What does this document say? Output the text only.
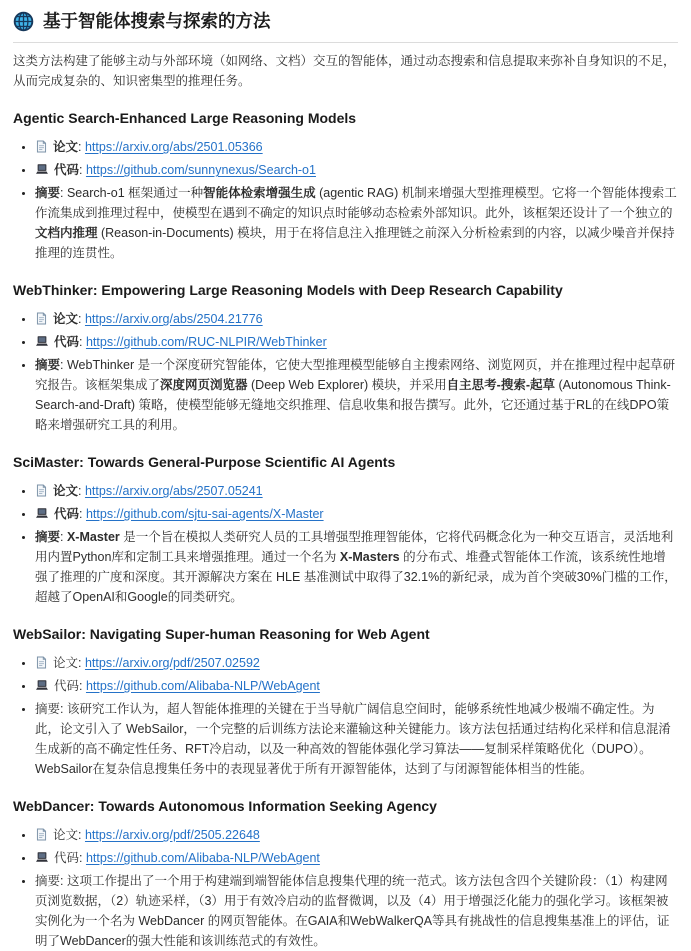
基于智能体搜索与探索的方法

这类方法构建了能够主动与外部环境（如网络、文档）交互的智能体，通过动态搜索和信息提取来弥补自身知识的不足，从而完成复杂的、知识密集型的推理任务。

Agentic Search-Enhanced Large Reasoning Models
• 论文: https://arxiv.org/abs/2501.05366
• 代码: https://github.com/sunnynexus/Search-o1
• 摘要: Search-o1 框架通过一种智能体检索增强生成 (agentic RAG) 机制来增强大型推理模型。它将一个智能体搜索工作流集成到推理过程中，使模型在遇到不确定的知识点时能够动态检索外部知识。此外，该框架还设计了一个独立的文档内推理 (Reason-in-Documents) 模块，用于在将信息注入推理链之前深入分析检索到的内容，以减少噪音并保持推理的连贯性。
WebThinker: Empowering Large Reasoning Models with Deep Research Capability
• 论文: https://arxiv.org/abs/2504.21776
• 代码: https://github.com/RUC-NLPIR/WebThinker
• 摘要: WebThinker 是一个深度研究智能体，它使大型推理模型能够自主搜索网络、浏览网页，并在推理过程中起草研究报告。该框架集成了深度网页浏览器 (Deep Web Explorer) 模块，并采用自主思考-搜索-起草 (Autonomous Think-Search-and-Draft) 策略，使模型能够无缝地交织推理、信息收集和报告撰写。此外，它还通过基于RL的在线DPO策略来增强研究工具的利用。
SciMaster: Towards General-Purpose Scientific AI Agents
• 论文: https://arxiv.org/abs/2507.05241
• 代码: https://github.com/sjtu-sai-agents/X-Master
• 摘要: X-Master 是一个旨在模拟人类研究人员的工具增强型推理智能体，它将代码概念化为一种交互语言，灵活地利用内置Python库和定制工具来增强推理。通过一个名为 X-Masters 的分布式、堆叠式智能体工作流，该系统性地增强了推理的广度和深度。其开源解决方案在 HLE 基准测试中取得了32.1%的新纪录，成为首个突破30%门槛的工作，超越了OpenAI和Google的同类研究。
WebSailor: Navigating Super-human Reasoning for Web Agent
• 论文: https://arxiv.org/pdf/2507.02592
• 代码: https://github.com/Alibaba-NLP/WebAgent
• 摘要: 该研究工作认为，超人智能体推理的关键在于当导航广阔信息空间时，能够系统性地减少极端不确定性。为此，论文引入了 WebSailor，一个完整的后训练方法论来灌输这种关键能力。该方法包括通过结构化采样和信息混淆生成新的高不确定性任务、RFT冷启动，以及一种高效的智能体强化学习算法——复制采样策略优化（DUPO）。WebSailor在复杂信息搜集任务中的表现显著优于所有开源智能体，达到了与闭源智能体相当的性能。
WebDancer: Towards Autonomous Information Seeking Agency
• 论文: https://arxiv.org/pdf/2505.22648
• 代码: https://github.com/Alibaba-NLP/WebAgent
• 摘要: 这项工作提出了一个用于构建端到端智能体信息搜集代理的统一范式。该方法包含四个关键阶段：（1）构建网页浏览数据，（2）轨迹采样，（3）用于有效冷启动的监督微调，以及（4）用于增强泛化能力的强化学习。该框架被实例化为一个名为 WebDancer 的网页智能体。在GAIA和WebWalkerQA等具有挑战性的信息搜集基准上的评估，证明了WebDancer的强大性能和该训练范式的有效性。
